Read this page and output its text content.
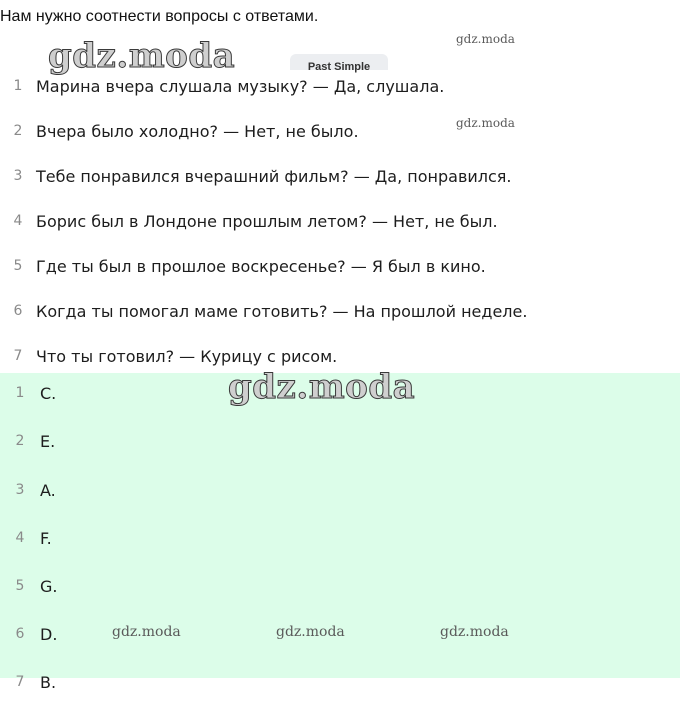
Нам нужно соотнести вопросы с ответами.
gdz.moda	gdz.moda
Past Simple
gdz.moda
1 Марина вчера слушала музыку? — Да, слушала.
2 Вчера было холодно? — Нет, не было.
3 Тебе понравился вчерашний фильм? — Да, понравился.
4 Борис был в Лондоне прошлым летом? — Нет, не был.
5 Где ты был в прошлое воскресенье? — Я был в кино.
6 Когда ты помогал маме готовить? — На прошлой неделе.
7 Что ты готовил? — Курицу с рисом.
1 C.
2 E.
3 A.
4 F.
5 G.
6 D.
7 B.
gdz.moda
gdz.moda	gdz.moda	gdz.moda
